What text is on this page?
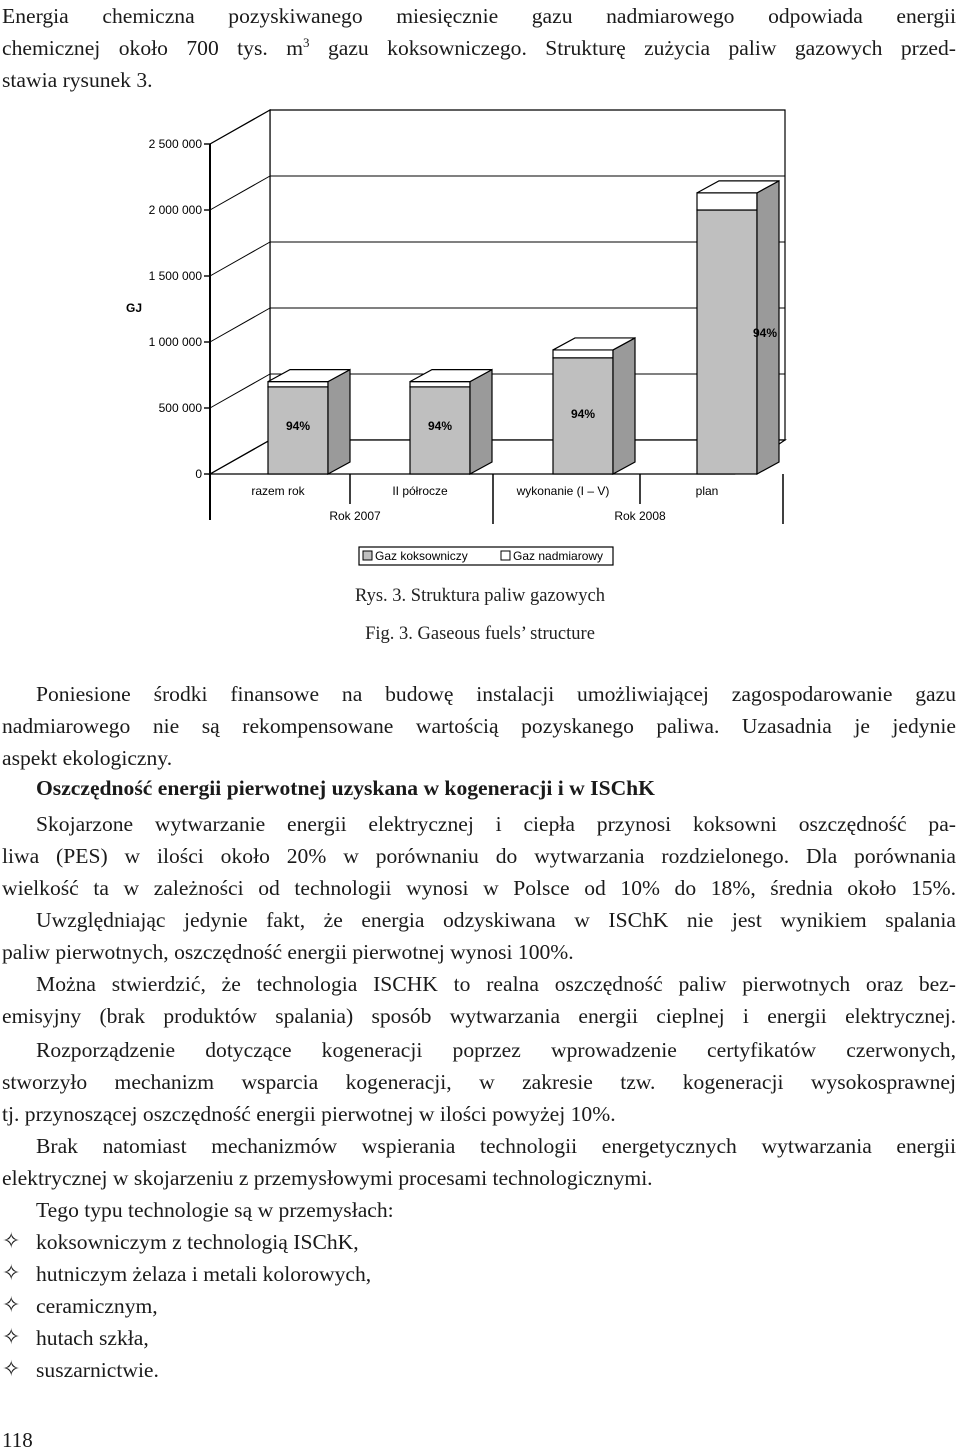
Energia chemiczna pozyskiwanego miesięcznie gazu nadmiarowego odpowiada energii
chemicznej około 700 tys. $m^3$ gazu koksowniczego. Strukturę zużycia paliw gazowych przed-
stawia rysunek 3.
2 500 000
2 000 000
1 500 000
1 000 000
500 000
0
GJ
Rok 2007	Rok 2008
Gaz koksowniczy	Gaz nadmiarowy
94%
razem rok
94%
II półrocze
94%
wykonanie (I – V)
94%
plan

Rys. 3. Struktura paliw gazowych

Fig. 3. Gaseous fuels’ structure

Poniesione środki finansowe na budowę instalacji umożliwiającej zagospodarowanie gazu
nadmiarowego nie są rekompensowane wartością pozyskanego paliwa. Uzasadnia je jedynie
aspekt ekologiczny.

Oszczędność energii pierwotnej uzyskana w kogeneracji i w ISChK

Skojarzone wytwarzanie energii elektrycznej i ciepła przynosi koksowni oszczędność pa-
liwa (PES) w ilości około 20% w porównaniu do wytwarzania rozdzielonego. Dla porównania
wielkość ta w zależności od technologii wynosi w Polsce od 10% do 18%, średnia około 15%.
Uwzględniając jedynie fakt, że energia odzyskiwana w ISChK nie jest wynikiem spalania
paliw pierwotnych, oszczędność energii pierwotnej wynosi 100%.
Można stwierdzić, że technologia ISCHK to realna oszczędność paliw pierwotnych oraz bez-
emisyjny (brak produktów spalania) sposób wytwarzania energii cieplnej i energii elektrycznej.
Rozporządzenie dotyczące kogeneracji poprzez wprowadzenie certyfikatów czerwonych,
stworzyło mechanizm wsparcia kogeneracji, w zakresie tzw. kogeneracji wysokosprawnej
tj. przynoszącej oszczędność energii pierwotnej w ilości powyżej 10%.
Brak natomiast mechanizmów wspierania technologii energetycznych wytwarzania energii
elektrycznej w skojarzeniu z przemysłowymi procesami technologicznymi.
Tego typu technologie są w przemysłach:
✧ koksowniczym z technologią ISChK,
✧ hutniczym żelaza i metali kolorowych,
✧ ceramicznym,
✧ hutach szkła,
✧ suszarnictwie.

118
